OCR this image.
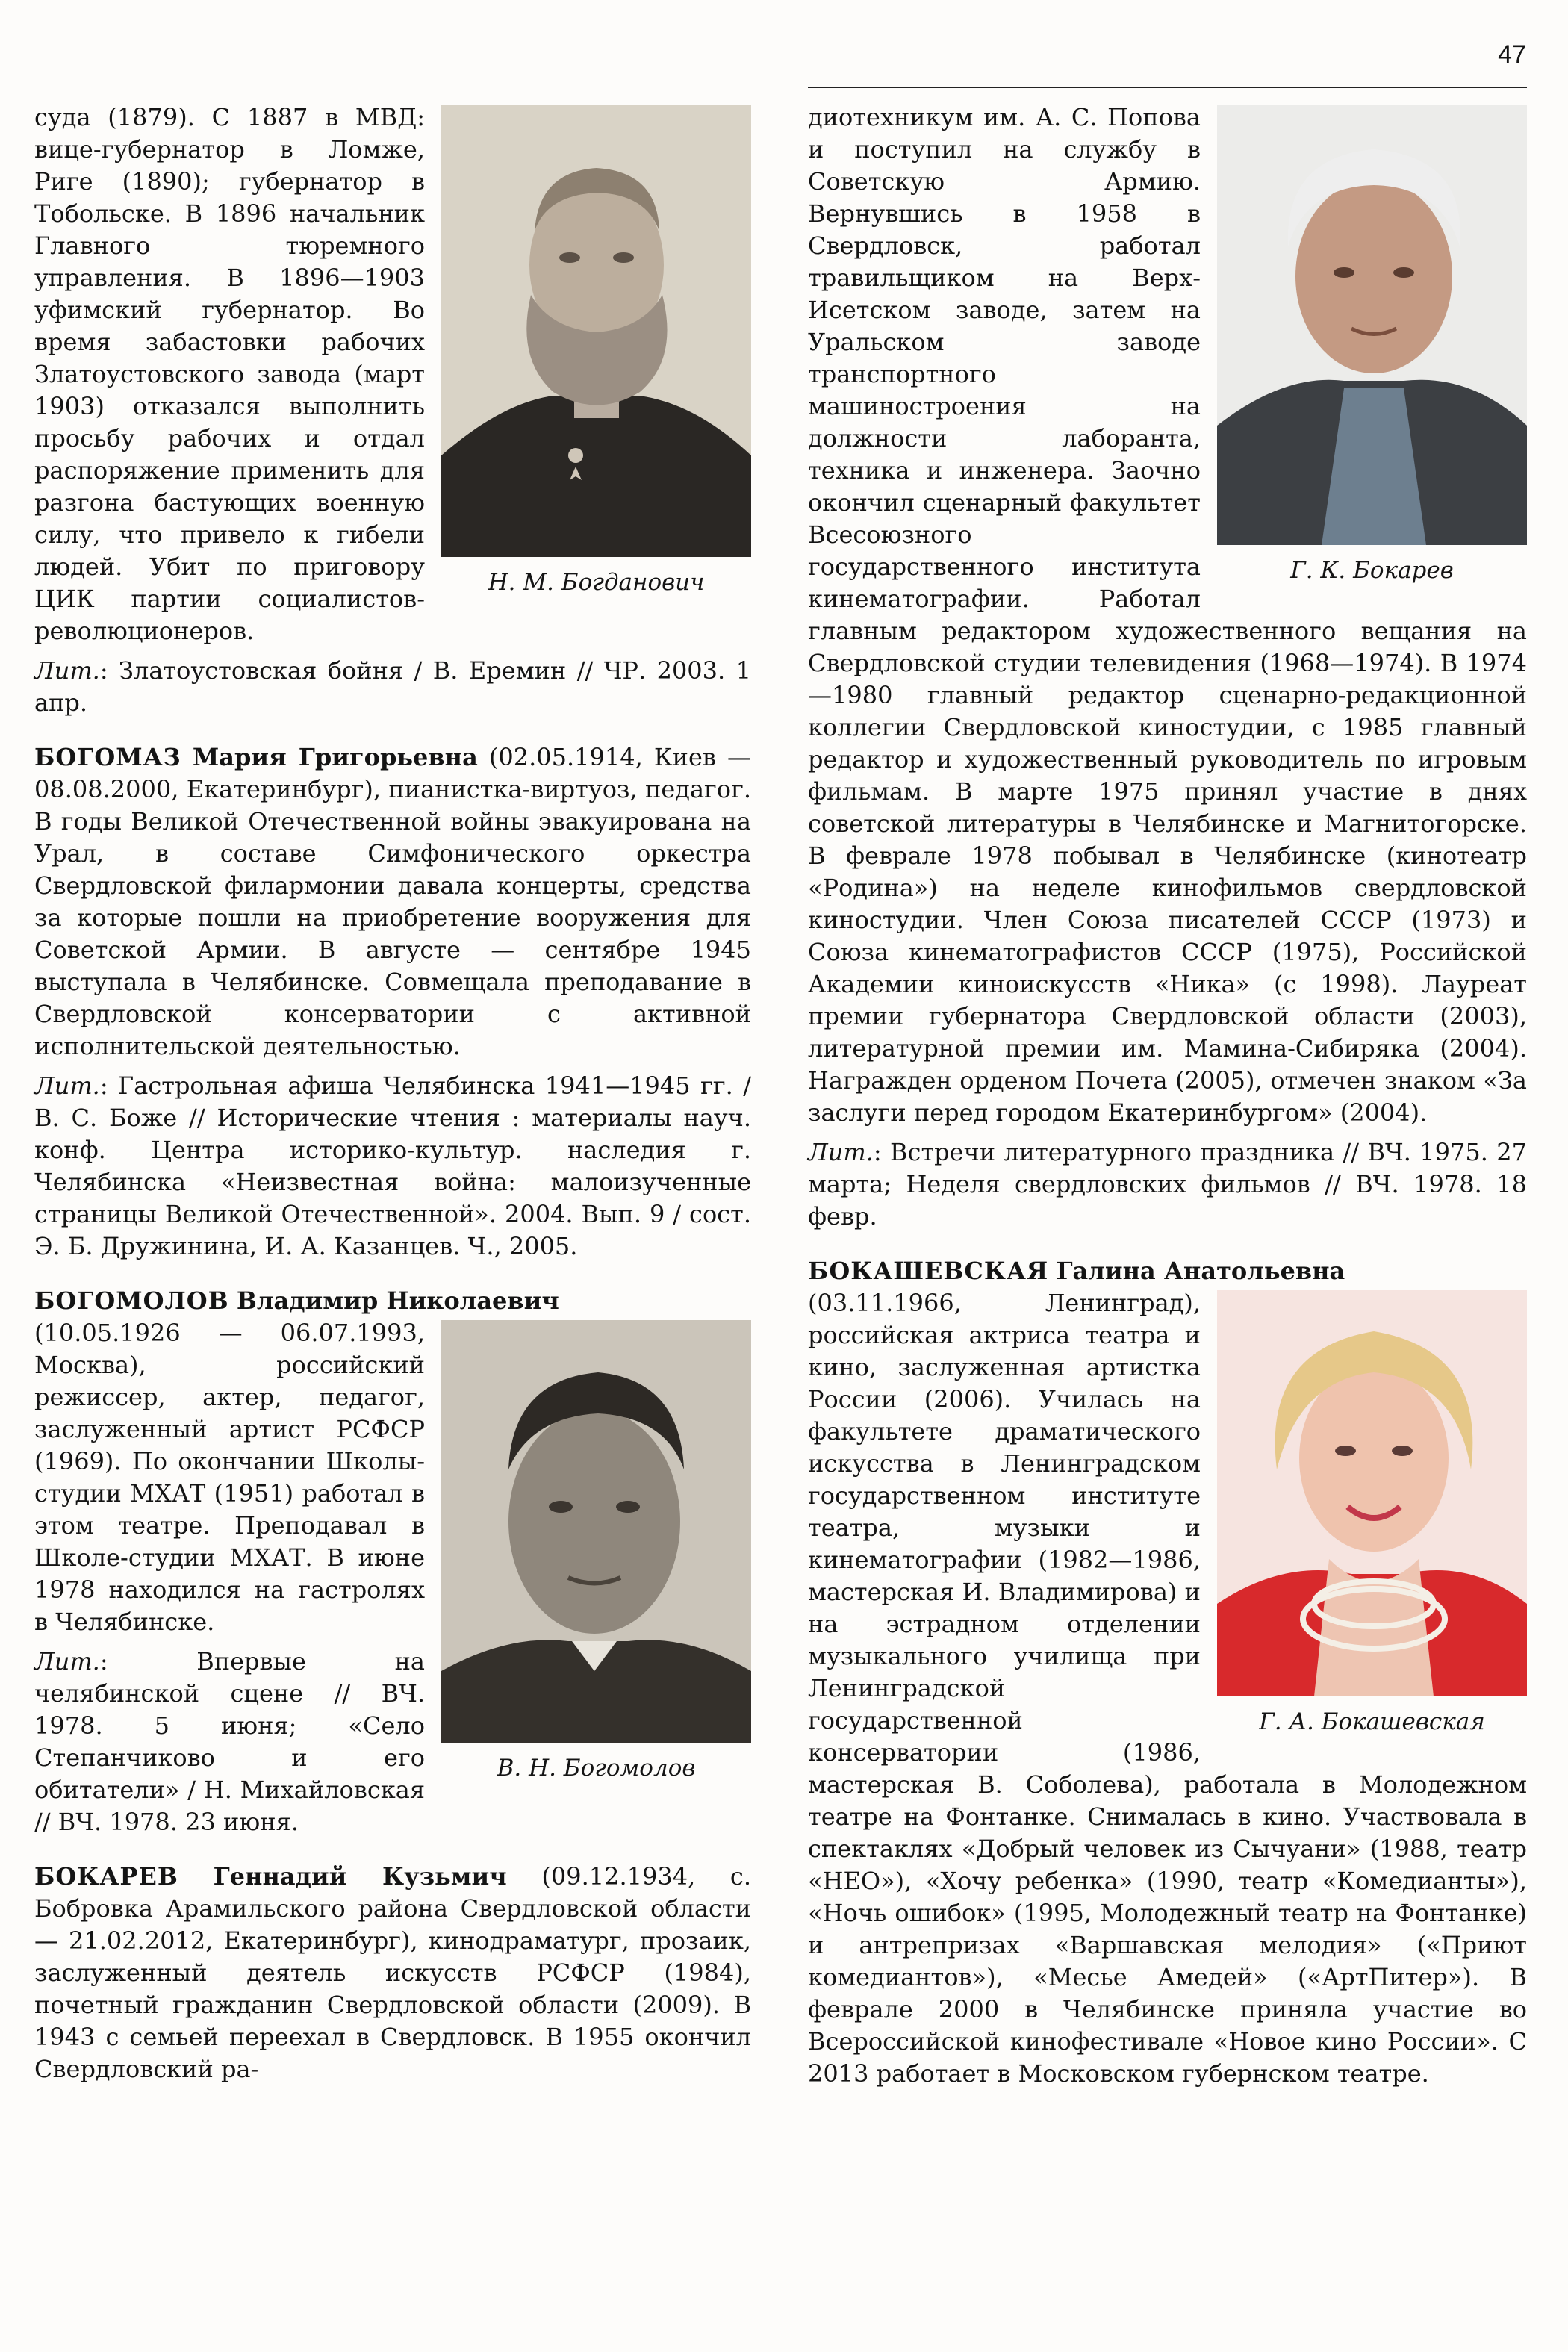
47
Н. М. Богданович

суда (1879). С 1887 в МВД: вице-губернатор в Ломже, Риге (1890); губернатор в Тобольске. В 1896 начальник Главного тюремного управления. В 1896—1903 уфимский губернатор. Во время забастовки рабочих Златоустовского завода (март 1903) отказался выполнить просьбу рабочих и отдал распоряжение применить для разгона бастующих военную силу, что привело к гибели людей. Убит по приговору ЦИК партии социалистов-революционеров.

Лит.: Златоустовская бойня / В. Еремин // ЧР. 2003. 1 апр.

БОГОМАЗ Мария Григорьевна (02.05.1914, Киев — 08.08.2000, Екатеринбург), пианистка-виртуоз, педагог. В годы Великой Отечественной войны эвакуирована на Урал, в составе Симфонического оркестра Свердловской филармонии давала концерты, средства за которые пошли на приобретение вооружения для Советской Армии. В августе — сентябре 1945 выступала в Челябинске. Совмещала преподавание в Свердловской консерватории с активной исполнительской деятельностью.

Лит.: Гастрольная афиша Челябинска 1941—1945 гг. / В. С. Боже // Исторические чтения : материалы науч. конф. Центра историко-культур. наследия г. Челябинска «Неизвестная война: малоизученные страницы Великой Отечественной». 2004. Вып. 9 / сост. Э. Б. Дружинина, И. А. Казанцев. Ч., 2005.

БОГОМОЛОВ Владимир Николаевич

В. Н. Богомолов

(10.05.1926 — 06.07.1993, Москва), российский режиссер, актер, педагог, заслуженный артист РСФСР (1969). По окончании Школы-студии МХАТ (1951) работал в этом театре. Преподавал в Школе-студии МХАТ. В июне 1978 находился на гастролях в Челябинске.

Лит.: Впервые на челябинской сцене // ВЧ. 1978. 5 июня; «Село Степанчиково и его обитатели» / Н. Михайловская // ВЧ. 1978. 23 июня.

БОКАРЕВ Геннадий Кузьмич (09.12.1934, с. Бобровка Арамильского района Свердловской области — 21.02.2012, Екатеринбург), кинодраматург, прозаик, заслуженный деятель искусств РСФСР (1984), почетный гражданин Свердловской области (2009). В 1943 с семьей переехал в Свердловск. В 1955 окончил Свердловский ра-

Г. К. Бокарев

диотехникум им. А. С. Попова и поступил на службу в Советскую Армию. Вернувшись в 1958 в Свердловск, работал травильщиком на Верх-Исетском заводе, затем на Уральском заводе транспортного машиностроения на должности лаборанта, техника и инженера. Заочно окончил сценарный факультет Всесоюзного государственного института кинематографии. Работал главным редактором художественного вещания на Свердловской студии телевидения (1968—1974). В 1974—1980 главный редактор сценарно-редакционной коллегии Свердловской киностудии, с 1985 главный редактор и художественный руководитель по игровым фильмам. В марте 1975 принял участие в днях советской литературы в Челябинске и Магнитогорске. В феврале 1978 побывал в Челябинске (кинотеатр «Родина») на неделе кинофильмов свердловской киностудии. Член Союза писателей СССР (1973) и Союза кинематографистов СССР (1975), Российской Академии киноискусств «Ника» (с 1998). Лауреат премии губернатора Свердловской области (2003), литературной премии им. Мамина-Сибиряка (2004). Награжден орденом Почета (2005), отмечен знаком «За заслуги перед городом Екатеринбургом» (2004).

Лит.: Встречи литературного праздника // ВЧ. 1975. 27 марта; Неделя свердловских фильмов // ВЧ. 1978. 18 февр.

БОКАШЕВСКАЯ Галина Анатольевна

Г. А. Бокашевская

(03.11.1966, Ленинград), российская актриса театра и кино, заслуженная артистка России (2006). Училась на факультете драматического искусства в Ленинградском государственном институте театра, музыки и кинематографии (1982—1986, мастерская И. Владимирова) и на эстрадном отделении музыкального училища при Ленинградской государственной консерватории (1986, мастерская В. Соболева), работала в Молодежном театре на Фонтанке. Снималась в кино. Участвовала в спектаклях «Добрый человек из Сычуани» (1988, театр «НЕО»), «Хочу ребенка» (1990, театр «Комедианты»), «Ночь ошибок» (1995, Молодежный театр на Фонтанке) и антрепризах «Варшавская мелодия» («Приют комедиантов»), «Месье Амедей» («АртПитер»). В феврале 2000 в Челябинске приняла участие во Всероссийской кинофестивале «Новое кино России». С 2013 работает в Московском губернском театре.
